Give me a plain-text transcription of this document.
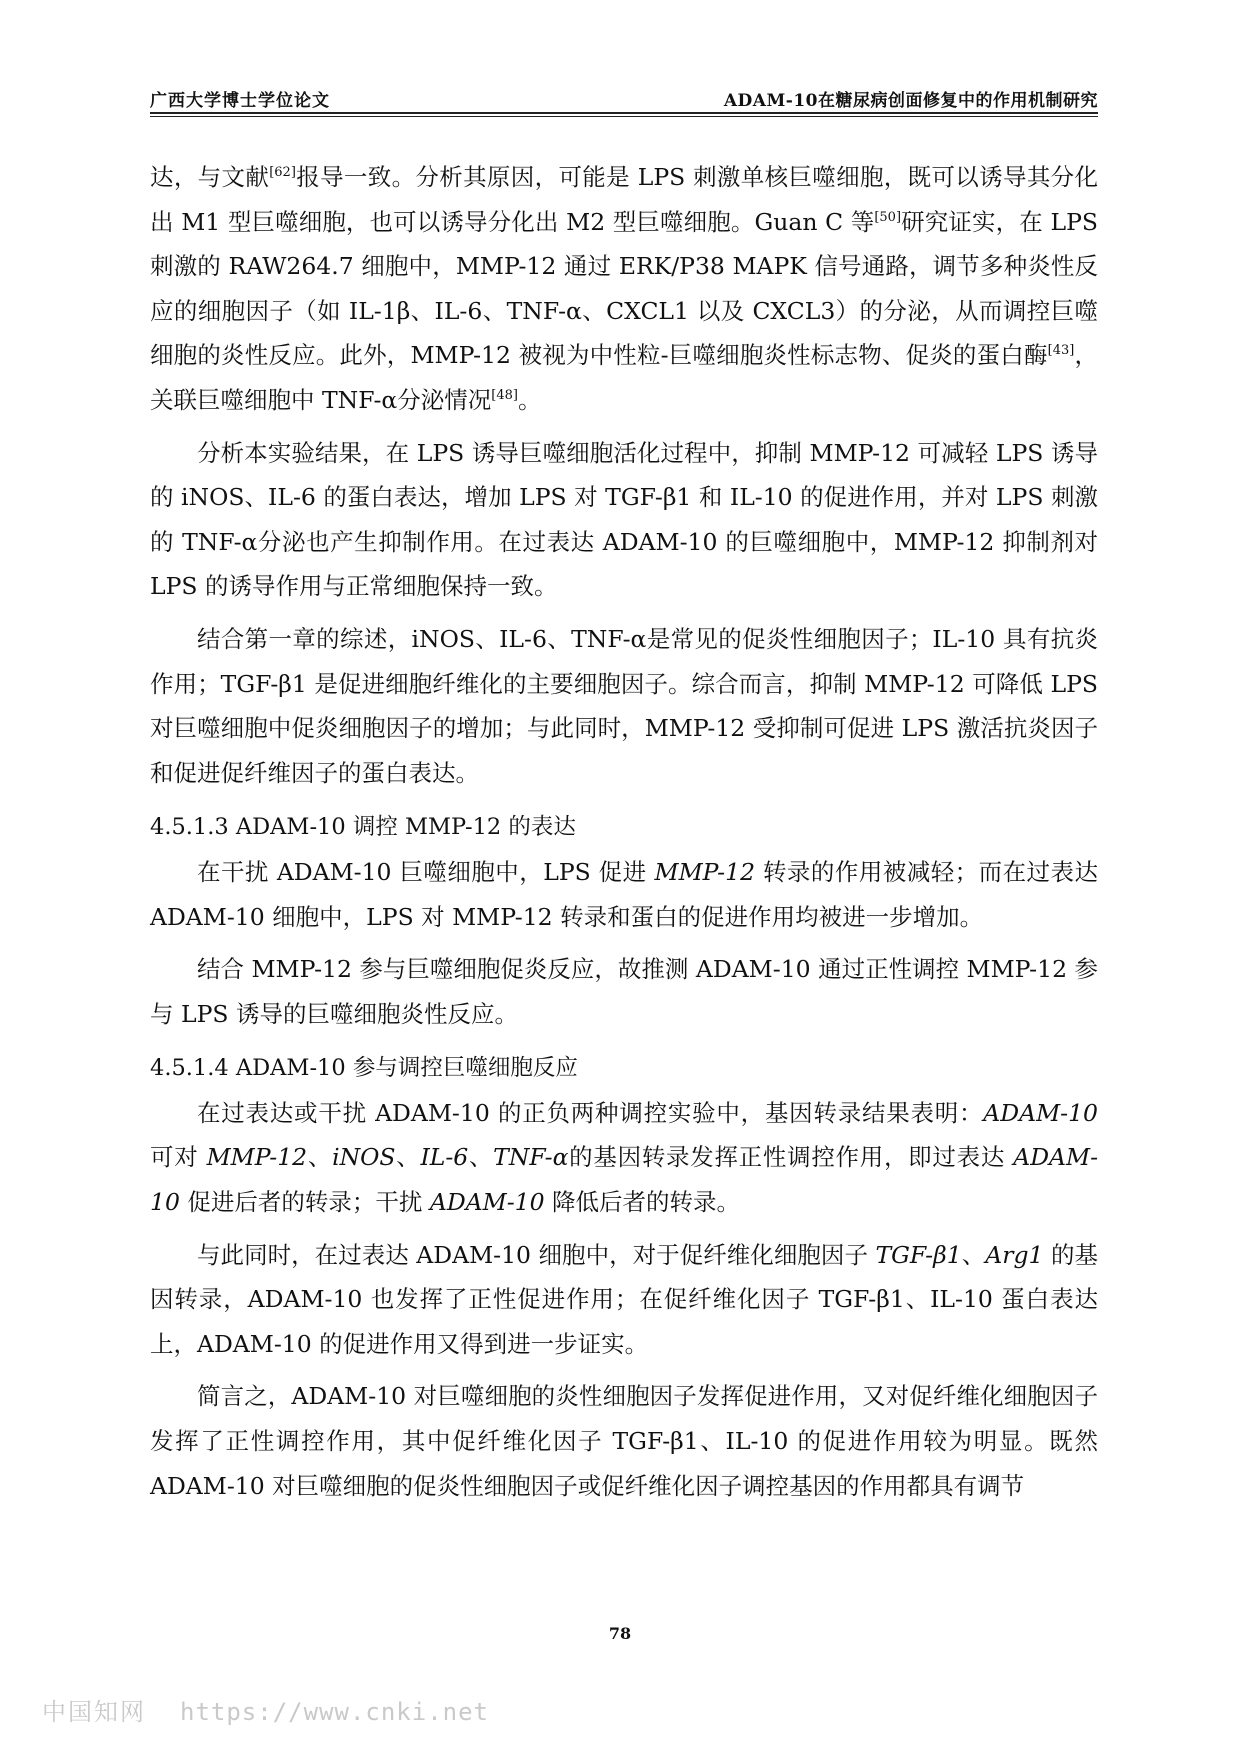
广西大学博士学位论文	ADAM-10在糖尿病创面修复中的作用机制研究

达，与文献[62]报导一致。分析其原因，可能是 LPS 刺激单核巨噬细胞，既可以诱导其分化出 M1 型巨噬细胞，也可以诱导分化出 M2 型巨噬细胞。Guan C 等[50]研究证实，在 LPS 刺激的 RAW264.7 细胞中，MMP-12 通过 ERK/P38 MAPK 信号通路，调节多种炎性反应的细胞因子（如 IL-1β、IL-6、TNF-α、CXCL1 以及 CXCL3）的分泌，从而调控巨噬细胞的炎性反应。此外，MMP-12 被视为中性粒-巨噬细胞炎性标志物、促炎的蛋白酶[43]，关联巨噬细胞中 TNF-α分泌情况[48]。

分析本实验结果，在 LPS 诱导巨噬细胞活化过程中，抑制 MMP-12 可减轻 LPS 诱导的 iNOS、IL-6 的蛋白表达，增加 LPS 对 TGF-β1 和 IL-10 的促进作用，并对 LPS 刺激的 TNF-α分泌也产生抑制作用。在过表达 ADAM-10 的巨噬细胞中，MMP-12 抑制剂对 LPS 的诱导作用与正常细胞保持一致。

结合第一章的综述，iNOS、IL-6、TNF-α是常见的促炎性细胞因子；IL-10 具有抗炎作用；TGF-β1 是促进细胞纤维化的主要细胞因子。综合而言，抑制 MMP-12 可降低 LPS 对巨噬细胞中促炎细胞因子的增加；与此同时，MMP-12 受抑制可促进 LPS 激活抗炎因子和促进促纤维因子的蛋白表达。

4.5.1.3 ADAM-10 调控 MMP-12 的表达

在干扰 ADAM-10 巨噬细胞中，LPS 促进 MMP-12 转录的作用被减轻；而在过表达 ADAM-10 细胞中，LPS 对 MMP-12 转录和蛋白的促进作用均被进一步增加。

结合 MMP-12 参与巨噬细胞促炎反应，故推测 ADAM-10 通过正性调控 MMP-12 参与 LPS 诱导的巨噬细胞炎性反应。

4.5.1.4 ADAM-10 参与调控巨噬细胞反应

在过表达或干扰 ADAM-10 的正负两种调控实验中，基因转录结果表明：ADAM-10 可对 MMP-12、iNOS、IL-6、TNF-α的基因转录发挥正性调控作用，即过表达 ADAM-10 促进后者的转录；干扰 ADAM-10 降低后者的转录。

与此同时，在过表达 ADAM-10 细胞中，对于促纤维化细胞因子 TGF-β1、Arg1 的基因转录，ADAM-10 也发挥了正性促进作用；在促纤维化因子 TGF-β1、IL-10 蛋白表达上，ADAM-10 的促进作用又得到进一步证实。

简言之，ADAM-10 对巨噬细胞的炎性细胞因子发挥促进作用，又对促纤维化细胞因子发挥了正性调控作用，其中促纤维化因子 TGF-β1、IL-10 的促进作用较为明显。既然 ADAM-10 对巨噬细胞的促炎性细胞因子或促纤维化因子调控基因的作用都具有调节

78
中国知网 https://www.cnki.net
